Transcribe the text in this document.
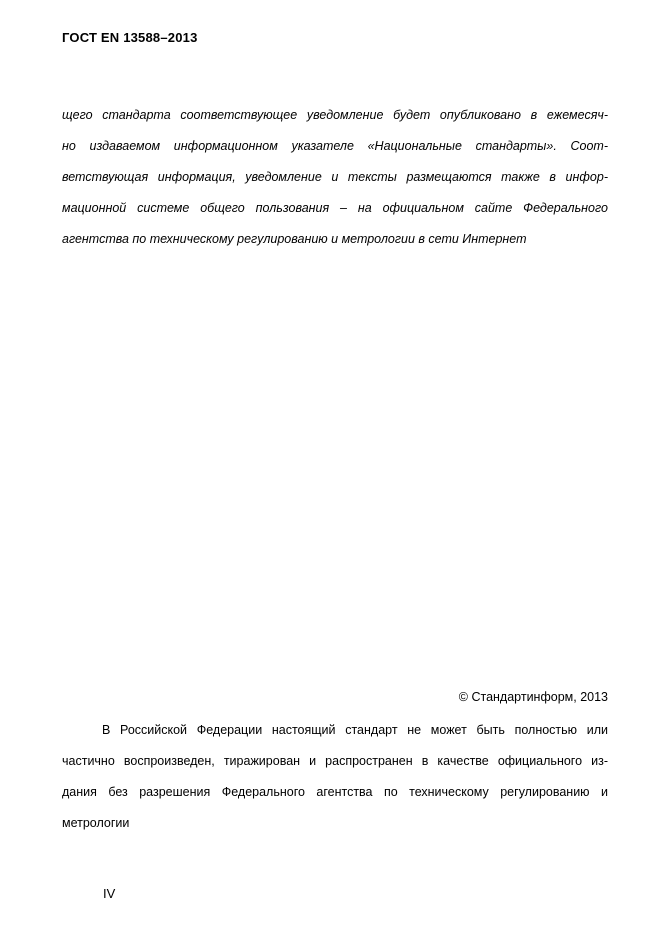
ГОСТ EN 13588–2013
щего стандарта соответствующее уведомление будет опубликовано в ежемесяч-
но издаваемом информационном указателе «Национальные стандарты». Соот-
ветствующая информация, уведомление и тексты размещаются также в инфор-
мационной системе общего пользования – на официальном сайте Федерального
агентства по техническому регулированию и метрологии в сети Интернет
© Стандартинформ, 2013
В Российской Федерации настоящий стандарт не может быть полностью или
частично воспроизведен, тиражирован и распространен в качестве официального из-
дания без разрешения Федерального агентства по техническому регулированию и
метрологии
IV
